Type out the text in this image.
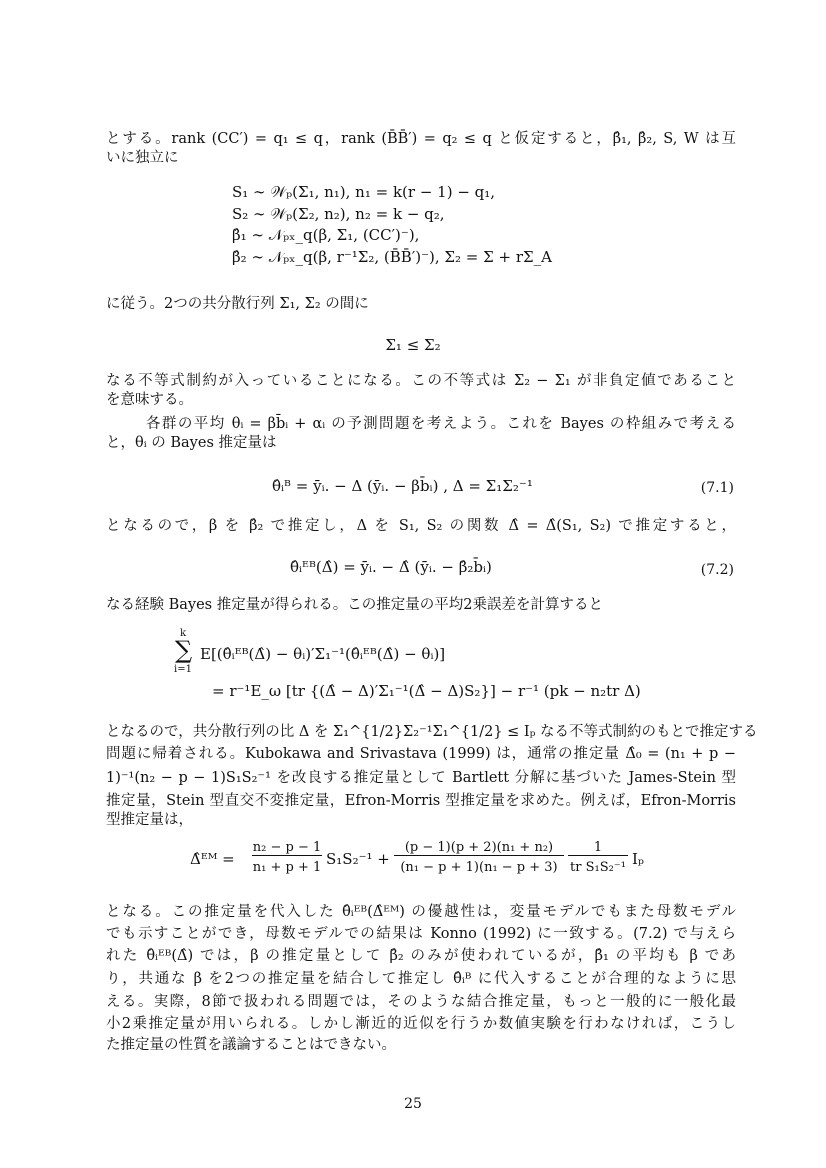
とする。rank (CC′) = q₁ ≤ q，rank (B̄B̄′) = q₂ ≤ q と仮定すると，β̂₁, β̂₂, S, W は互
いに独立に
S₁ ∼ 𝒲ₚ(Σ₁, n₁), n₁ = k(r − 1) − q₁,
S₂ ∼ 𝒲ₚ(Σ₂, n₂), n₂ = k − q₂,
β̂₁ ∼ 𝒩ₚₓ_q(β, Σ₁, (CC′)⁻),
β̂₂ ∼ 𝒩ₚₓ_q(β, r⁻¹Σ₂, (B̄B̄′)⁻), Σ₂ = Σ + rΣ_A
に従う。2つの共分散行列 Σ₁, Σ₂ の間に
Σ₁ ≤ Σ₂
なる不等式制約が入っていることになる。この不等式は Σ₂ − Σ₁ が非負定値であること
を意味する。
各群の平均 θᵢ = βb̄ᵢ + αᵢ の予測問題を考えよう。これを Bayes の枠組みで考える
と，θᵢ の Bayes 推定量は
θ̂ᵢᴮ = ȳᵢ. − Δ (ȳᵢ. − βb̄ᵢ) , Δ = Σ₁Σ₂⁻¹	(7.1)
となるので，β を β̂₂ で推定し，Δ を S₁, S₂ の関数 Δ̂ = Δ̂(S₁, S₂) で推定すると，
θ̂ᵢᴱᴮ(Δ̂) = ȳᵢ. − Δ̂ (ȳᵢ. − β̂₂b̄ᵢ)	(7.2)
なる経験 Bayes 推定量が得られる。この推定量の平均2乗誤差を計算すると
k
∑
i=1
E[(θ̂ᵢᴱᴮ(Δ̂) − θᵢ)′Σ₁⁻¹(θ̂ᵢᴱᴮ(Δ̂) − θᵢ)]
= r⁻¹E_ω [tr {(Δ̂ − Δ)′Σ₁⁻¹(Δ̂ − Δ)S₂}] − r⁻¹ (pk − n₂tr Δ)
となるので，共分散行列の比 Δ を Σ₁^{1/2}Σ₂⁻¹Σ₁^{1/2} ≤ Iₚ なる不等式制約のもとで推定する
問題に帰着される。Kubokawa and Srivastava (1999) は，通常の推定量 Δ̂₀ = (n₁ + p −
1)⁻¹(n₂ − p − 1)S₁S₂⁻¹ を改良する推定量として Bartlett 分解に基づいた James-Stein 型
推定量，Stein 型直交不変推定量，Efron-Morris 型推定量を求めた。例えば，Efron-Morris
型推定量は，
Δ̂ᴱᴹ =
n₂ − p − 1
n₁ + p + 1 S₁S₂⁻¹ +
(p − 1)(p + 2)(n₁ + n₂)
(n₁ − p + 1)(n₁ − p + 3)
1
tr S₁S₂⁻¹ Iₚ
となる。この推定量を代入した θ̂ᵢᴱᴮ(Δ̂ᴱᴹ) の優越性は，変量モデルでもまた母数モデル
でも示すことができ，母数モデルでの結果は Konno (1992) に一致する。(7.2) で与えら
れた θ̂ᵢᴱᴮ(Δ̂) では，β の推定量として β̂₂ のみが使われているが，β̂₁ の平均も β であ
り，共通な β を2つの推定量を結合して推定し θ̂ᵢᴮ に代入することが合理的なように思
える。実際，8節で扱われる問題では，そのような結合推定量，もっと一般的に一般化最
小2乗推定量が用いられる。しかし漸近的近似を行うか数値実験を行わなければ，こうし
た推定量の性質を議論することはできない。
25
